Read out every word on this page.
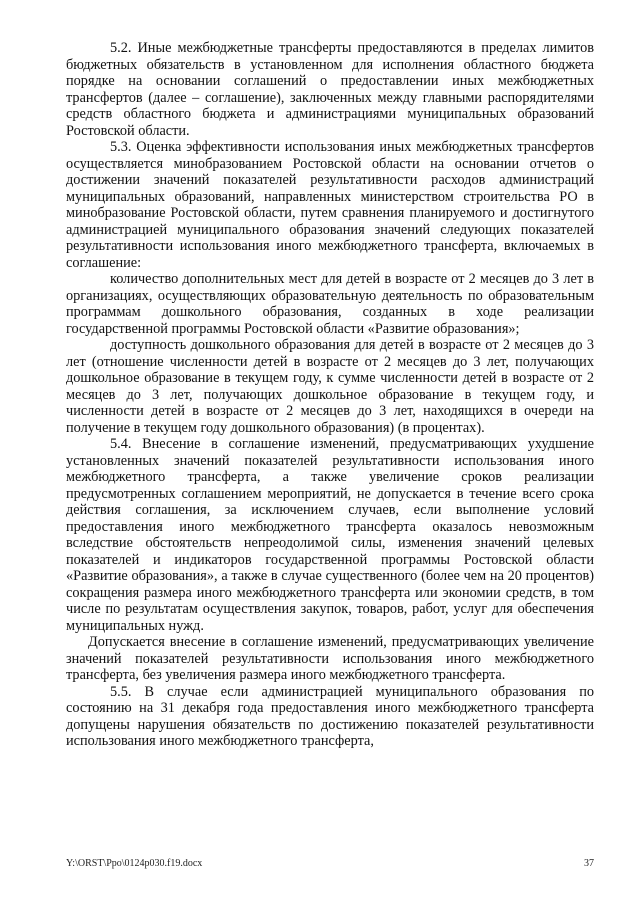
5.2. Иные межбюджетные трансферты предоставляются в пределах лимитов бюджетных обязательств в установленном для исполнения областного бюджета порядке на основании соглашений о предоставлении иных межбюджетных трансфертов (далее – соглашение), заключенных между главными распорядителями средств областного бюджета и администрациями муниципальных образований Ростовской области.

5.3. Оценка эффективности использования иных межбюджетных трансфертов осуществляется минобразованием Ростовской области на основании отчетов о достижении значений показателей результативности расходов администраций муниципальных образований, направленных министерством строительства РО в минобразование Ростовской области, путем сравнения планируемого и достигнутого администрацией муниципального образования значений следующих показателей результативности использования иного межбюджетного трансферта, включаемых в соглашение:

количество дополнительных мест для детей в возрасте от 2 месяцев до 3 лет в организациях, осуществляющих образовательную деятельность по образовательным программам дошкольного образования, созданных в ходе реализации государственной программы Ростовской области «Развитие образования»;

доступность дошкольного образования для детей в возрасте от 2 месяцев до 3 лет (отношение численности детей в возрасте от 2 месяцев до 3 лет, получающих дошкольное образование в текущем году, к сумме численности детей в возрасте от 2 месяцев до 3 лет, получающих дошкольное образование в текущем году, и численности детей в возрасте от 2 месяцев до 3 лет, находящихся в очереди на получение в текущем году дошкольного образования) (в процентах).

5.4. Внесение в соглашение изменений, предусматривающих ухудшение установленных значений показателей результативности использования иного межбюджетного трансферта, а также увеличение сроков реализации предусмотренных соглашением мероприятий, не допускается в течение всего срока действия соглашения, за исключением случаев, если выполнение условий предоставления иного межбюджетного трансферта оказалось невозможным вследствие обстоятельств непреодолимой силы, изменения значений целевых показателей и индикаторов государственной программы Ростовской области «Развитие образования», а также в случае существенного (более чем на 20 процентов) сокращения размера иного межбюджетного трансферта или экономии средств, в том числе по результатам осуществления закупок, товаров, работ, услуг для обеспечения муниципальных нужд.

Допускается внесение в соглашение изменений, предусматривающих увеличение значений показателей результативности использования иного межбюджетного трансферта, без увеличения размера иного межбюджетного трансферта.

5.5. В случае если администрацией муниципального образования по состоянию на 31 декабря года предоставления иного межбюджетного трансферта допущены нарушения обязательств по достижению показателей результативности использования иного межбюджетного трансферта,

Y:\ORST\Ppo\0124p030.f19.docx	37
